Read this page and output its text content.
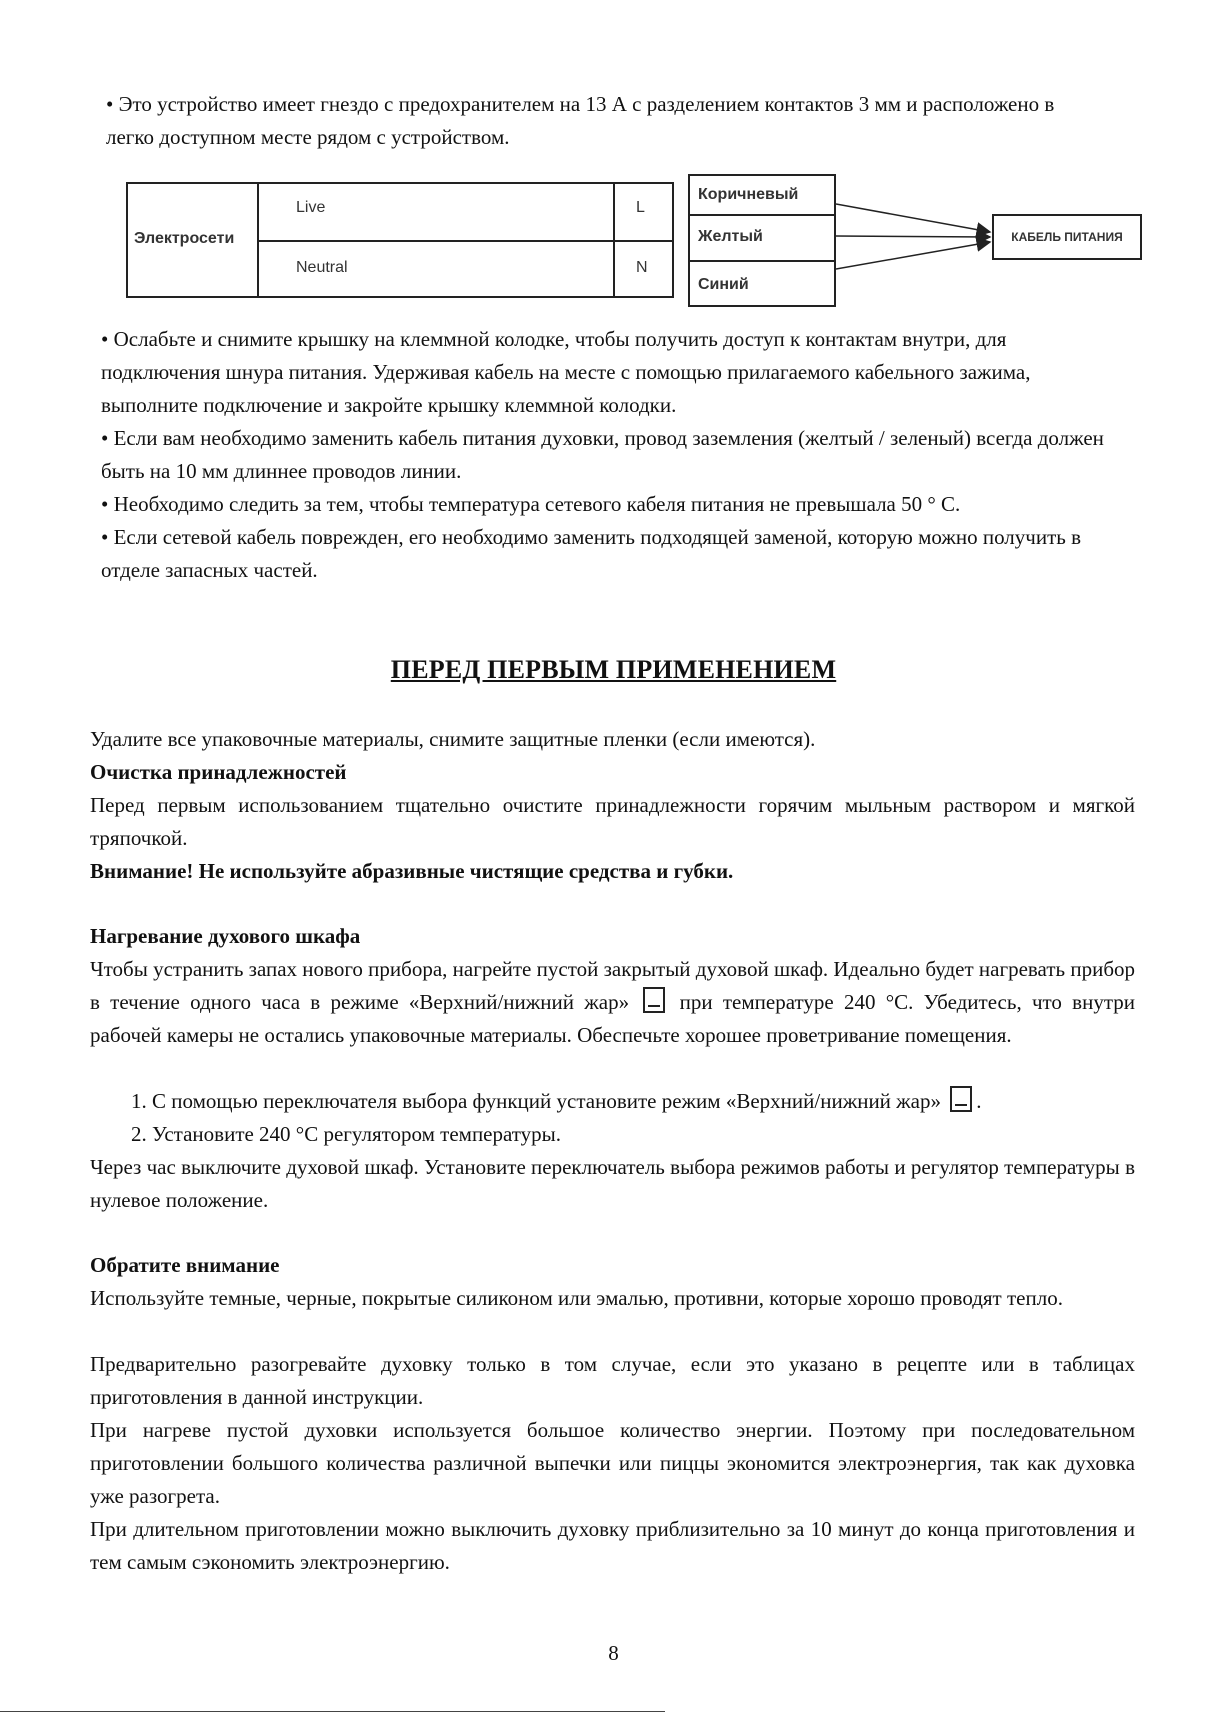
• Это устройство имеет гнездо с предохранителем на 13 А с разделением контактов 3 мм и расположено в легко доступном месте рядом с устройством.

Электросети
Live	L
Neutral	N
Коричневый
Желтый
Синий
КАБЕЛЬ ПИТАНИЯ

• Ослабьте и снимите крышку на клеммной колодке, чтобы получить доступ к контактам внутри, для подключения шнура питания. Удерживая кабель на месте с помощью прилагаемого кабельного зажима, выполните подключение и закройте крышку клеммной колодки.

• Если вам необходимо заменить кабель питания духовки, провод заземления (желтый / зеленый) всегда должен быть на 10 мм длиннее проводов линии.

• Необходимо следить за тем, чтобы температура сетевого кабеля питания не превышала 50 ° С.

• Если сетевой кабель поврежден, его необходимо заменить подходящей заменой, которую можно получить в отделе запасных частей.

ПЕРЕД ПЕРВЫМ ПРИМЕНЕНИЕМ

Удалите все упаковочные материалы, снимите защитные пленки (если имеются).

Очистка принадлежностей

Перед первым использованием тщательно очистите принадлежности горячим мыльным раствором и мягкой тряпочкой.

Внимание! Не используйте абразивные чистящие средства и губки.

Нагревание духового шкафа

Чтобы устранить запах нового прибора, нагрейте пустой закрытый духовой шкаф. Идеально будет нагревать прибор в течение одного часа в режиме «Верхний/нижний жар» при температуре 240 °С. Убедитесь, что внутри рабочей камеры не остались упаковочные материалы. Обеспечьте хорошее проветривание помещения.

1. С помощью переключателя выбора функций установите режим «Верхний/нижний жар» .

2. Установите 240 °С регулятором температуры.

Через час выключите духовой шкаф. Установите переключатель выбора режимов работы и регулятор температуры в нулевое положение.

Обратите внимание

Используйте темные, черные, покрытые силиконом или эмалью, противни, которые хорошо проводят тепло.

Предварительно разогревайте духовку только в том случае, если это указано в рецепте или в таблицах приготовления в данной инструкции.

При нагреве пустой духовки используется большое количество энергии. Поэтому при последовательном приготовлении большого количества различной выпечки или пиццы экономится электроэнергия, так как духовка уже разогрета.

При длительном приготовлении можно выключить духовку приблизительно за 10 минут до конца приготовления и тем самым сэкономить электроэнергию.

8
